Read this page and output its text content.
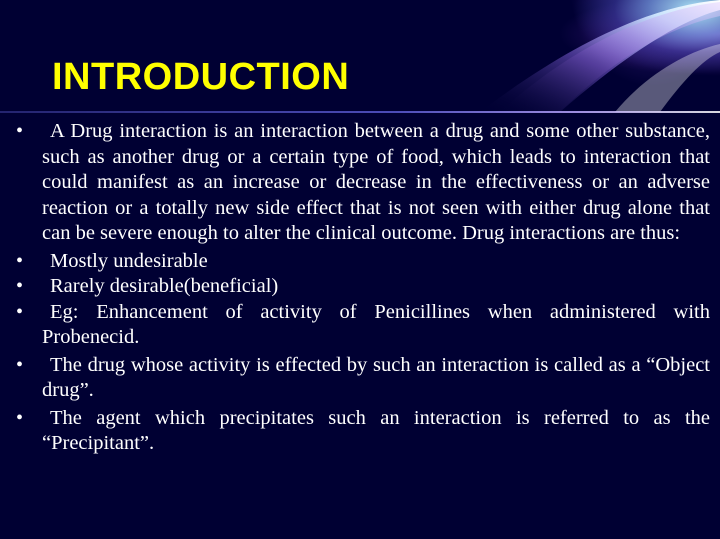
INTRODUCTION
• A Drug interaction is an interaction between a drug and some other substance, such as another drug or a certain type of food, which leads to interaction that could manifest as an increase or decrease in the effectiveness or an adverse reaction or a totally new side effect that is not seen with either drug alone that can be severe enough to alter the clinical outcome. Drug interactions are thus:
• Mostly undesirable
• Rarely desirable(beneficial)
• Eg: Enhancement of activity of Penicillines when administered with Probenecid.
• The drug whose activity is effected by such an interaction is called as a “Object drug”.
• The agent which precipitates such an interaction is referred to as the “Precipitant”.
